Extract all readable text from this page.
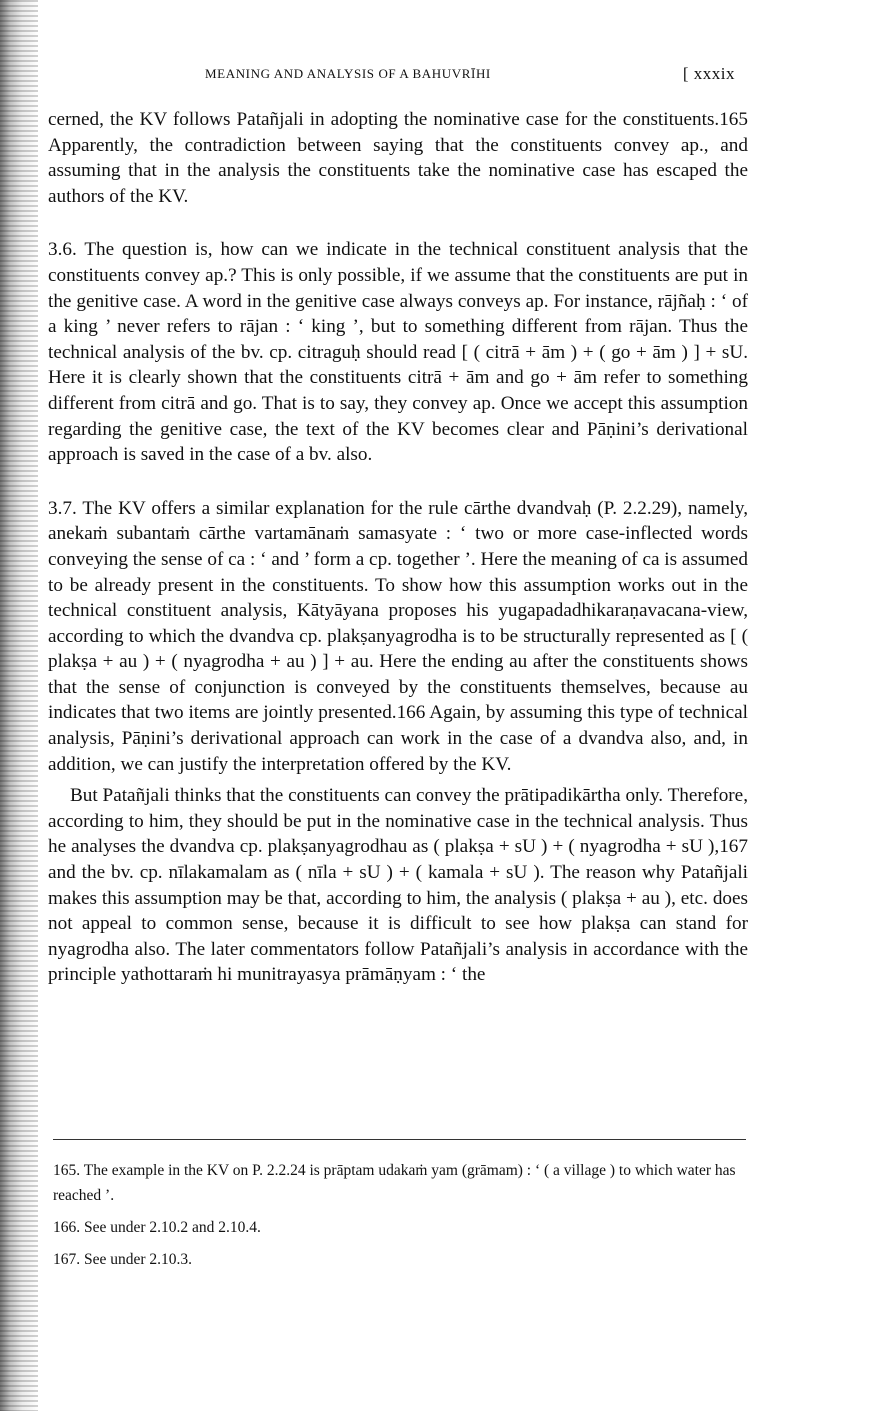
MEANING AND ANALYSIS OF A BAHUVRĪHI	[ xxxix

cerned, the KV follows Patañjali in adopting the nominative case for the constituents.165 Apparently, the contradiction between saying that the constituents convey ap., and assuming that in the analysis the constituents take the nominative case has escaped the authors of the KV.

3.6. The question is, how can we indicate in the technical constituent analysis that the constituents convey ap.? This is only possible, if we assume that the constituents are put in the genitive case. A word in the genitive case always conveys ap. For instance, rājñaḥ : ‘ of a king ’ never refers to rājan : ‘ king ’, but to something different from rājan. Thus the technical analysis of the bv. cp. citraguḥ should read [ ( citrā + ām ) + ( go + ām ) ] + sU. Here it is clearly shown that the constituents citrā + ām and go + ām refer to something different from citrā and go. That is to say, they convey ap. Once we accept this assumption regarding the genitive case, the text of the KV becomes clear and Pāṇini’s derivational approach is saved in the case of a bv. also.

3.7. The KV offers a similar explanation for the rule cārthe dvandvaḥ (P. 2.2.29), namely, anekaṁ subantaṁ cārthe vartamānaṁ samasyate : ‘ two or more case-inflected words conveying the sense of ca : ‘ and ’ form a cp. together ’. Here the meaning of ca is assumed to be already present in the constituents. To show how this assumption works out in the technical constituent analysis, Kātyāyana proposes his yugapadadhikaraṇavacana-view, according to which the dvandva cp. plakṣanyagrodha is to be structurally represented as [ ( plakṣa + au ) + ( nyagrodha + au ) ] + au. Here the ending au after the constituents shows that the sense of conjunction is conveyed by the constituents themselves, because au indicates that two items are jointly presented.166 Again, by assuming this type of technical analysis, Pāṇini’s derivational approach can work in the case of a dvandva also, and, in addition, we can justify the interpretation offered by the KV.

But Patañjali thinks that the constituents can convey the prātipadikārtha only. Therefore, according to him, they should be put in the nominative case in the technical analysis. Thus he analyses the dvandva cp. plakṣanyagrodhau as ( plakṣa + sU ) + ( nyagrodha + sU ),167 and the bv. cp. nīlakamalam as ( nīla + sU ) + ( kamala + sU ). The reason why Patañjali makes this assumption may be that, according to him, the analysis ( plakṣa + au ), etc. does not appeal to common sense, because it is difficult to see how plakṣa can stand for nyagrodha also. The later commentators follow Patañjali’s analysis in accordance with the principle yathottaraṁ hi munitrayasya prāmāṇyam : ‘ the

165. The example in the KV on P. 2.2.24 is prāptam udakaṁ yam (grāmam) : ‘ ( a village ) to which water has reached ’.

166. See under 2.10.2 and 2.10.4.

167. See under 2.10.3.
